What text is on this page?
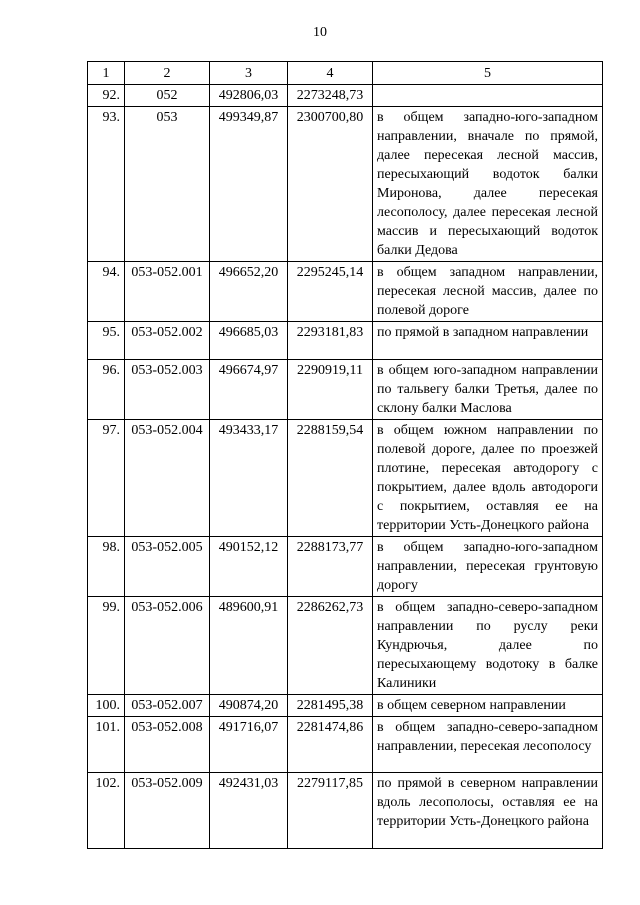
10
1	2	3	4	5
92.	052	492806,03	2273248,73	
93.	053	499349,87	2300700,80	в общем западно-юго-западном направлении, вначале по прямой, далее пересекая лесной массив, пересыхающий водоток балки Миронова, далее пересекая лесополосу, далее пересекая лесной массив и пересыхающий водоток балки Дедова
94.	053-052.001	496652,20	2295245,14	в общем западном направлении, пересекая лесной массив, далее по полевой дороге
95.	053-052.002	496685,03	2293181,83	по прямой в западном направлении
96.	053-052.003	496674,97	2290919,11	в общем юго-западном направлении по тальвегу балки Третья, далее по склону балки Маслова
97.	053-052.004	493433,17	2288159,54	в общем южном направлении по полевой дороге, далее по проезжей плотине, пересекая автодорогу с покрытием, далее вдоль автодороги с покрытием, оставляя ее на территории Усть-Донецкого района
98.	053-052.005	490152,12	2288173,77	в общем западно-юго-западном направлении, пересекая грунтовую дорогу
99.	053-052.006	489600,91	2286262,73	в общем западно-северо-западном направлении по руслу реки Кундрючья, далее по пересыхающему водотоку в балке Калиники
100.	053-052.007	490874,20	2281495,38	в общем северном направлении
101.	053-052.008	491716,07	2281474,86	в общем западно-северо-западном направлении, пересекая лесополосу
102.	053-052.009	492431,03	2279117,85	по прямой в северном направлении вдоль лесополосы, оставляя ее на территории Усть-Донецкого района
